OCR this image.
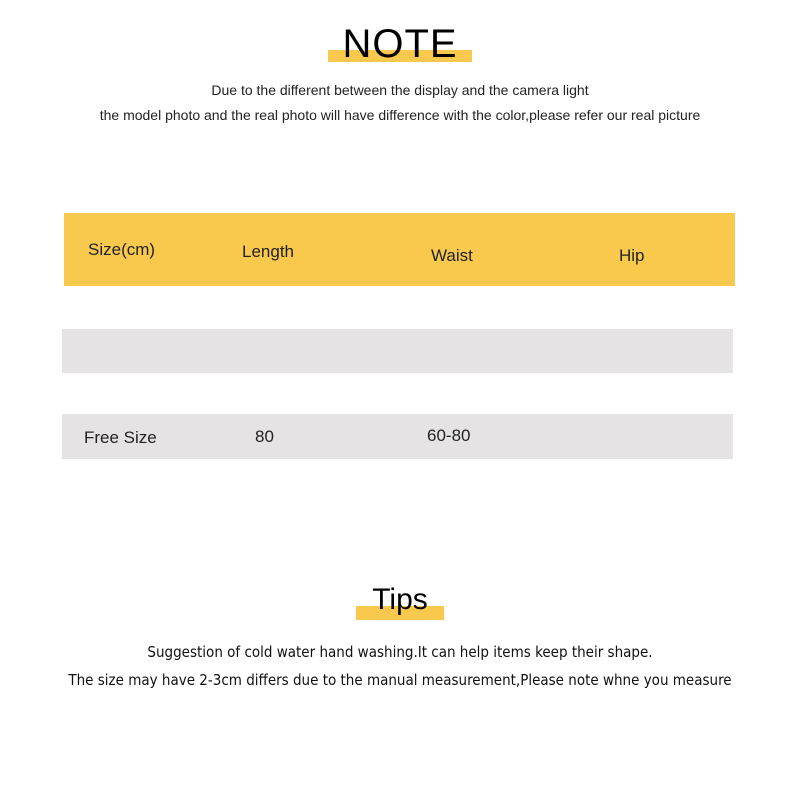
NOTE
Due to the different between the display and the camera light
the model photo and the real photo will have difference with the color,please refer our real picture
Size(cm)	Length	Waist	Hip
Free Size	80	60-80
Tips
Suggestion of cold water hand washing.It can help items keep their shape.
The size may have 2-3cm differs due to the manual measurement,Please note whne you measure
